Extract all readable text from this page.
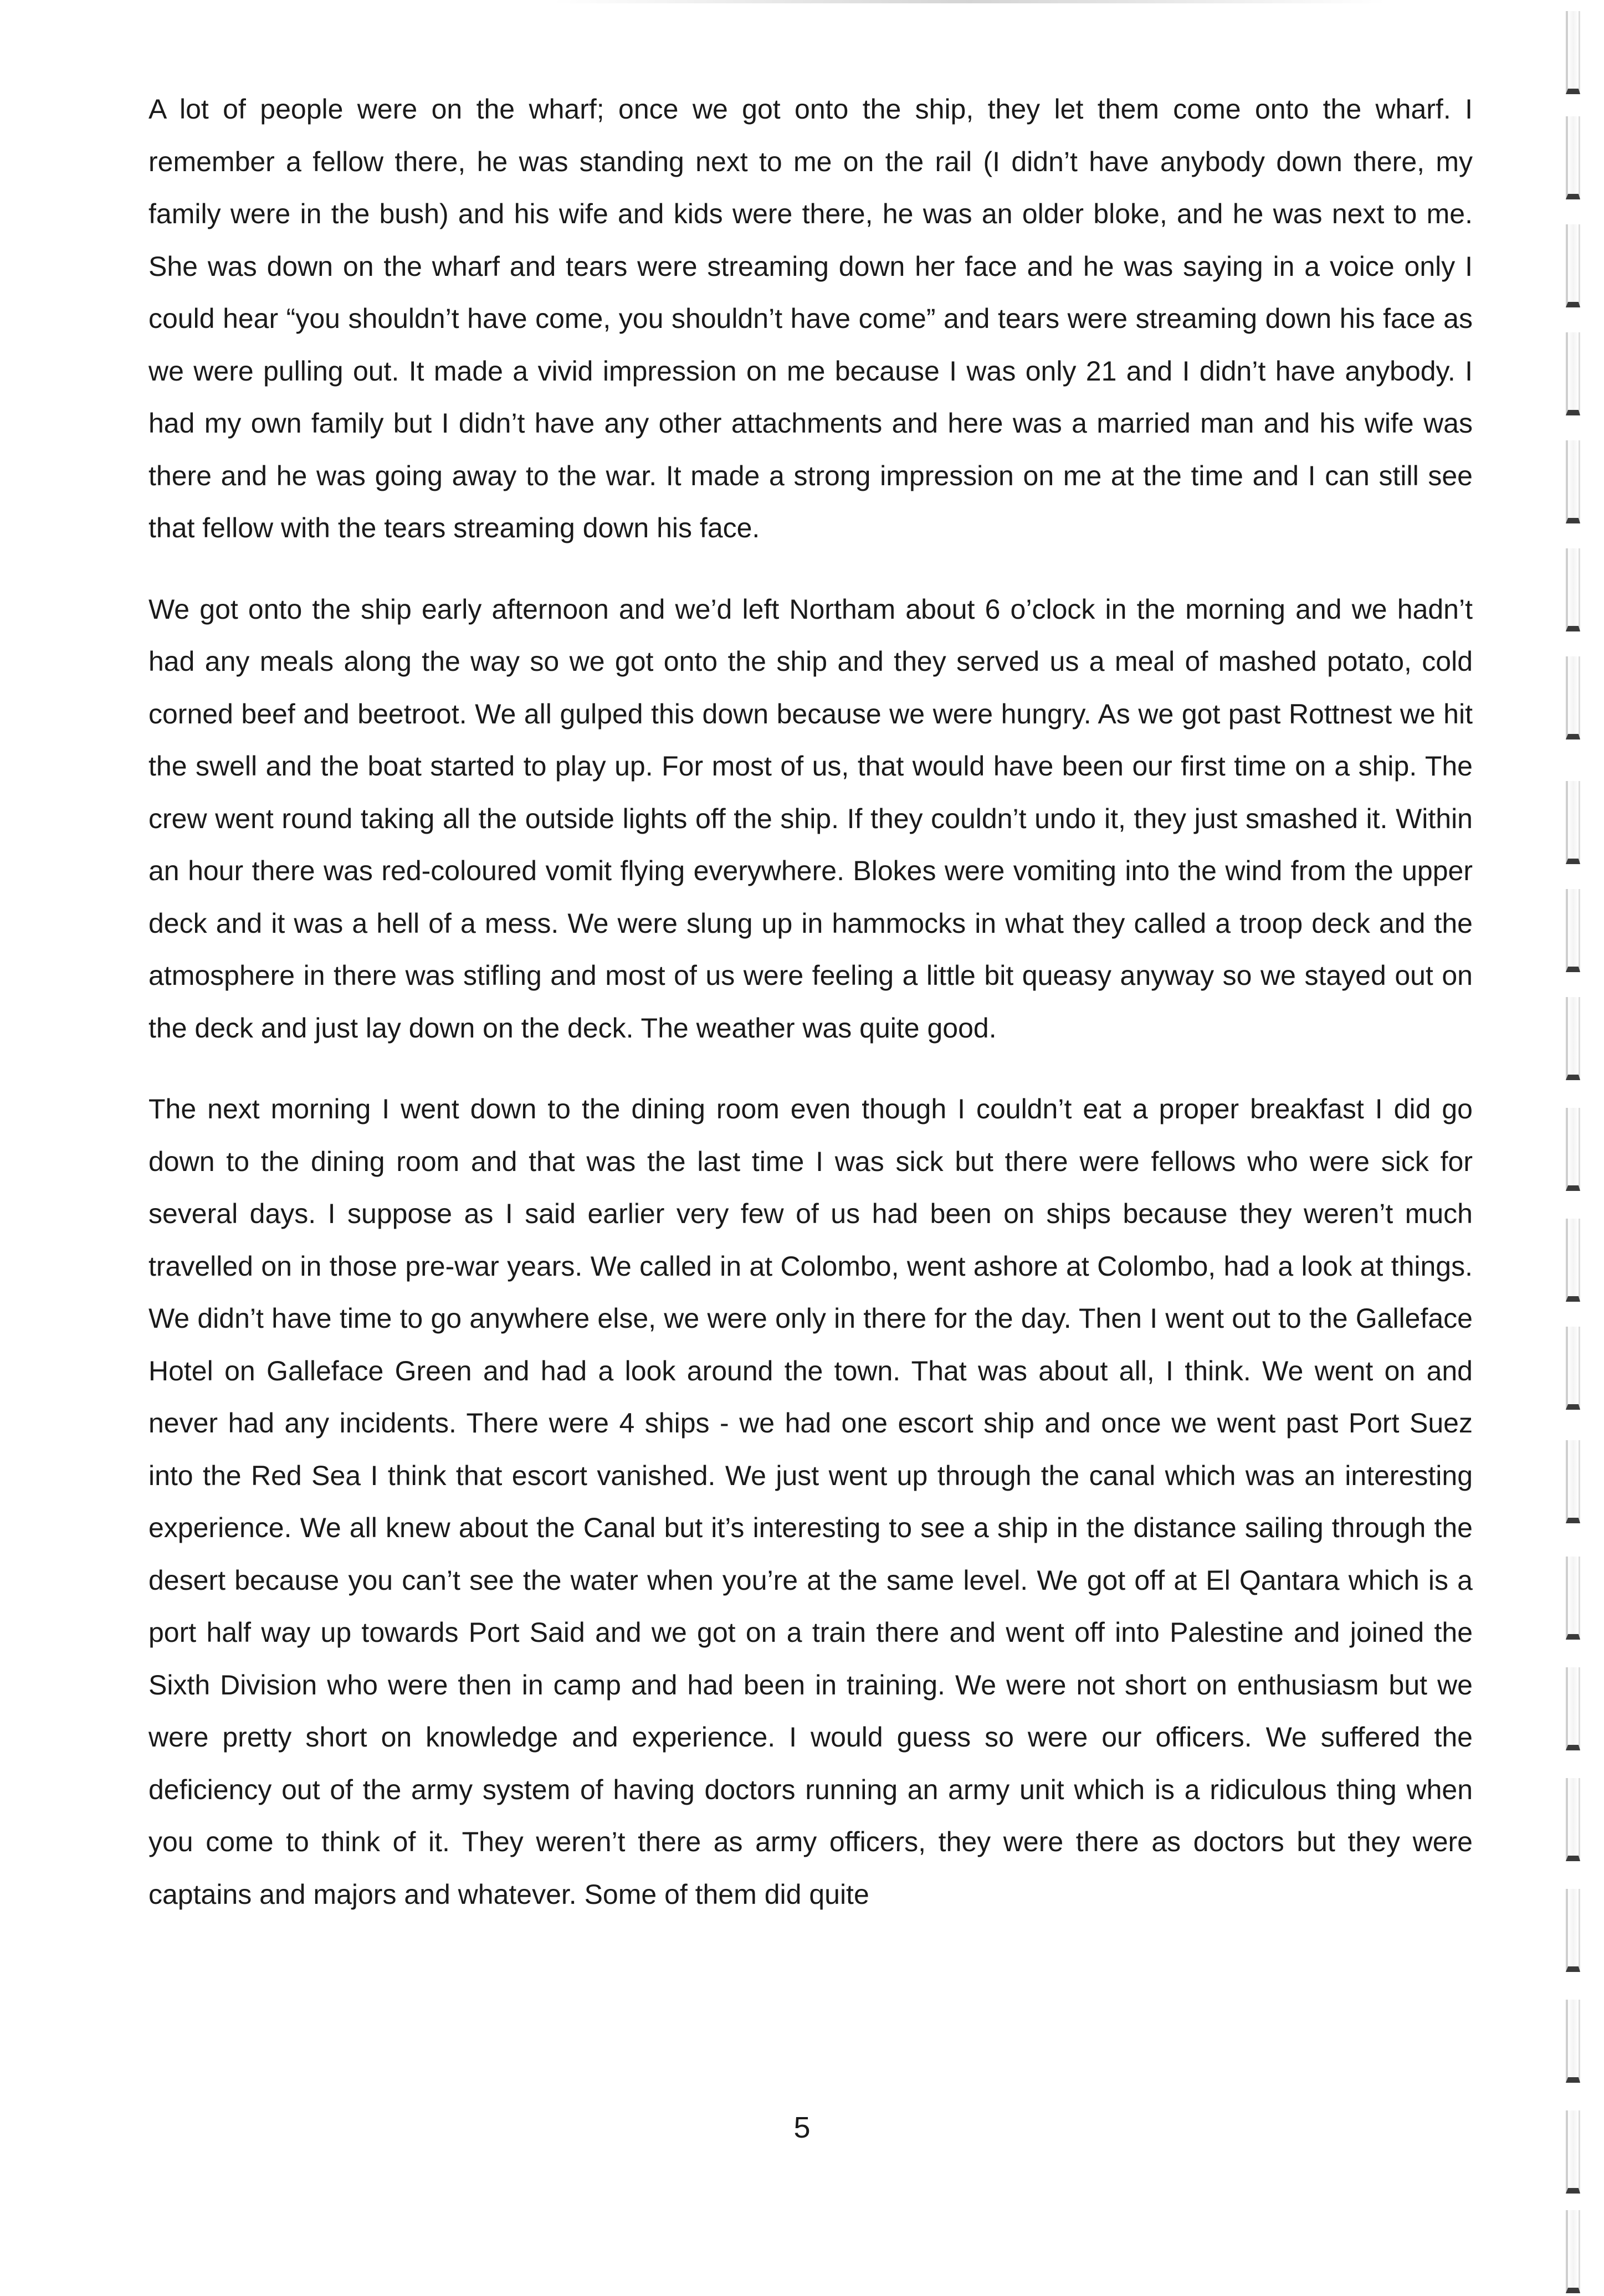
A lot of people were on the wharf; once we got onto the ship, they let them come onto the wharf. I remember a fellow there, he was standing next to me on the rail (I didn’t have anybody down there, my family were in the bush) and his wife and kids were there, he was an older bloke, and he was next to me. She was down on the wharf and tears were streaming down her face and he was saying in a voice only I could hear “you shouldn’t have come, you shouldn’t have come” and tears were streaming down his face as we were pulling out. It made a vivid impression on me because I was only 21 and I didn’t have anybody. I had my own family but I didn’t have any other attachments and here was a married man and his wife was there and he was going away to the war. It made a strong impression on me at the time and I can still see that fellow with the tears streaming down his face.

We got onto the ship early afternoon and we’d left Northam about 6 o’clock in the morning and we hadn’t had any meals along the way so we got onto the ship and they served us a meal of mashed potato, cold corned beef and beetroot. We all gulped this down because we were hungry. As we got past Rottnest we hit the swell and the boat started to play up. For most of us, that would have been our first time on a ship. The crew went round taking all the outside lights off the ship. If they couldn’t undo it, they just smashed it. Within an hour there was red-coloured vomit flying everywhere. Blokes were vomiting into the wind from the upper deck and it was a hell of a mess. We were slung up in hammocks in what they called a troop deck and the atmosphere in there was stifling and most of us were feeling a little bit queasy anyway so we stayed out on the deck and just lay down on the deck. The weather was quite good.

The next morning I went down to the dining room even though I couldn’t eat a proper breakfast I did go down to the dining room and that was the last time I was sick but there were fellows who were sick for several days. I suppose as I said earlier very few of us had been on ships because they weren’t much travelled on in those pre-war years. We called in at Colombo, went ashore at Colombo, had a look at things. We didn’t have time to go anywhere else, we were only in there for the day. Then I went out to the Galleface Hotel on Galleface Green and had a look around the town. That was about all, I think. We went on and never had any incidents. There were 4 ships - we had one escort ship and once we went past Port Suez into the Red Sea I think that escort vanished. We just went up through the canal which was an interesting experience. We all knew about the Canal but it’s interesting to see a ship in the distance sailing through the desert because you can’t see the water when you’re at the same level. We got off at El Qantara which is a port half way up towards Port Said and we got on a train there and went off into Palestine and joined the Sixth Division who were then in camp and had been in training. We were not short on enthusiasm but we were pretty short on knowledge and experience. I would guess so were our officers. We suffered the deficiency out of the army system of having doctors running an army unit which is a ridiculous thing when you come to think of it. They weren’t there as army officers, they were there as doctors but they were captains and majors and whatever. Some of them did quite

5
